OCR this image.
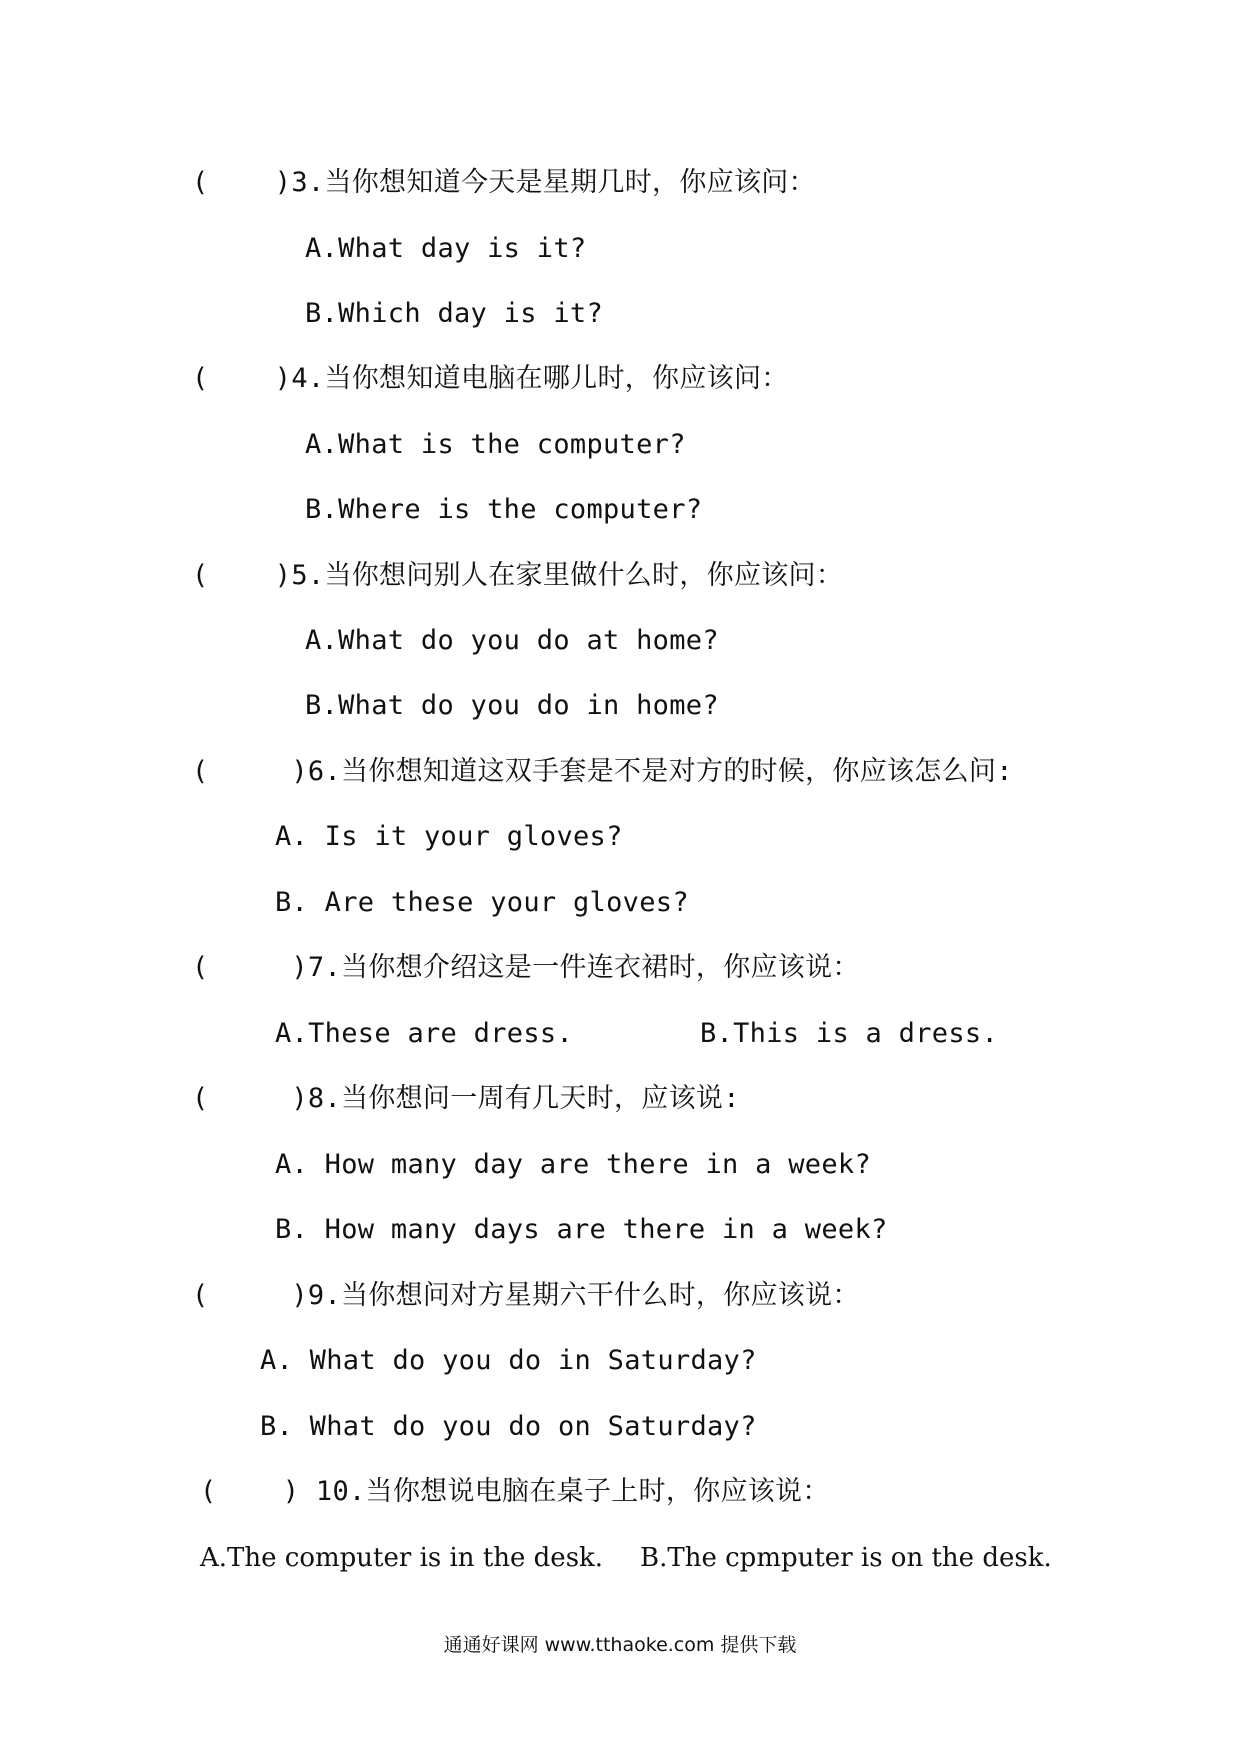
(    )3.当你想知道今天是星期几时，你应该问：
A.What day is it?
B.Which day is it?
(    )4.当你想知道电脑在哪儿时，你应该问：
A.What is the computer?
B.Where is the computer?
(    )5.当你想问别人在家里做什么时，你应该问：
A.What do you do at home?
B.What do you do in home?
(     )6.当你想知道这双手套是不是对方的时候，你应该怎么问:
A. Is it your gloves?
B. Are these your gloves?
(     )7.当你想介绍这是一件连衣裙时，你应该说：
A.These are dress.	B.This is a dress.
(     )8.当你想问一周有几天时，应该说:
A. How many day are there in a week?
B. How many days are there in a week?
(     )9.当你想问对方星期六干什么时，你应该说：
A. What do you do in Saturday?
B. What do you do on Saturday?
(    ) 10.当你想说电脑在桌子上时，你应该说：
A.The computer is in the desk. B.The cpmputer is on the desk.
通通好课网 www.tthaoke.com 提供下载
